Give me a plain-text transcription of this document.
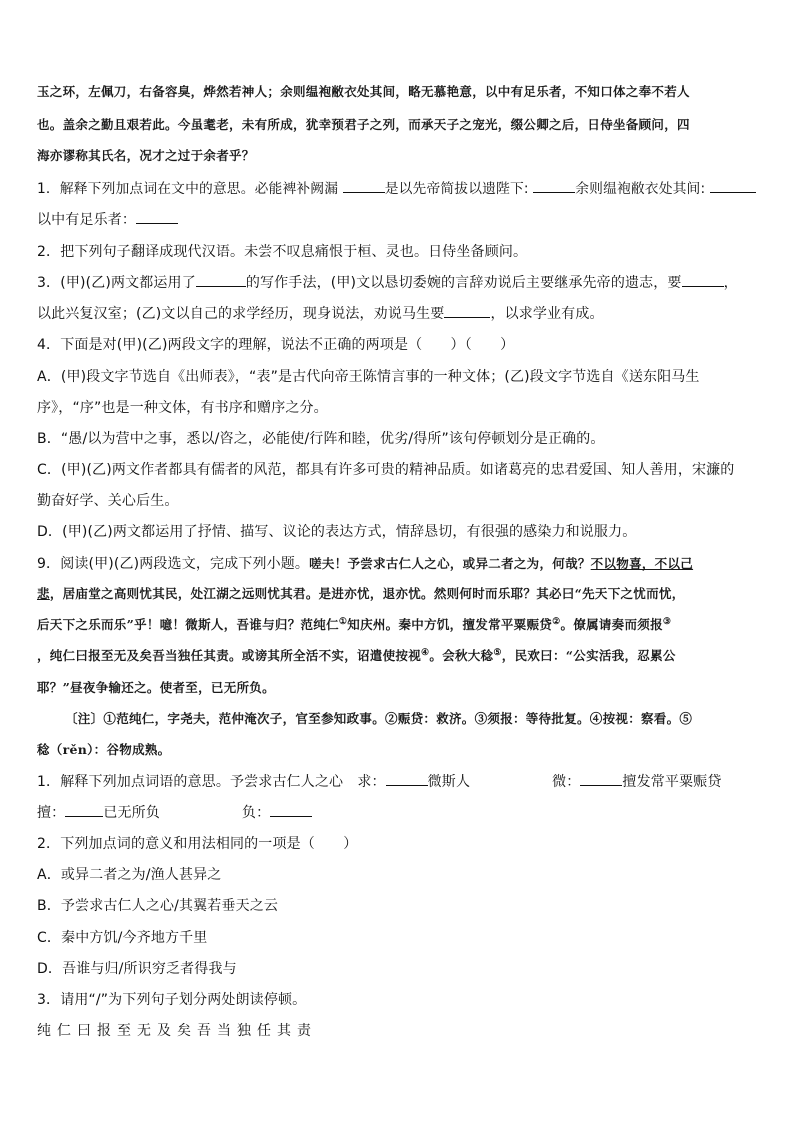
玉之环，左佩刀，右备容臭，烨然若神人；余则缊袍敝衣处其间，略无慕艳意，以中有足乐者，不知口体之奉不若人
也。盖余之勤且艰若此。今虽耄老，未有所成，犹幸预君子之列，而承天子之宠光，缀公卿之后，日侍坐备顾问，四
海亦谬称其氏名，况才之过于余者乎？
1．解释下列加点词在文中的意思。必能裨补阙漏	是以先帝简拔以遗陛下:	余则缊袍敝衣处其间:
以中有足乐者：
2．把下列句子翻译成现代汉语。未尝不叹息痛恨于桓、灵也。日侍坐备顾问。
3．(甲)(乙)两文都运用了	的写作手法，(甲)文以恳切委婉的言辞劝说后主要继承先帝的遗志，要	，
以此兴复汉室；(乙)文以自己的求学经历，现身说法，劝说马生要	，以求学业有成。
4．下面是对(甲)(乙)两段文字的理解，说法不正确的两项是（　　）（　　）
A．(甲)段文字节选自《出师表》，“表”是古代向帝王陈情言事的一种文体；(乙)段文字节选自《送东阳马生
序》，“序”也是一种文体，有书序和赠序之分。
B．“愚/以为营中之事，悉以/咨之，必能使/行阵和睦，优劣/得所”该句停顿划分是正确的。
C．(甲)(乙)两文作者都具有儒者的风范，都具有许多可贵的精神品质。如诸葛亮的忠君爱国、知人善用，宋濂的
勤奋好学、关心后生。
D．(甲)(乙)两文都运用了抒情、描写、议论的表达方式，情辞恳切，有很强的感染力和说服力。
9．阅读(甲)(乙)两段选文，完成下列小题。嗟夫！予尝求古仁人之心，或异二者之为，何哉？不以物喜，不以己
悲，居庙堂之高则忧其民，处江湖之远则忧其君。是进亦忧，退亦忧。然则何时而乐耶？其必曰“先天下之忧而忧，
后天下之乐而乐”乎！噫！微斯人，吾谁与归？范纯仁①知庆州。秦中方饥，擅发常平粟赈贷②。僚属请奏而须报③
，纯仁曰报至无及矣吾当独任其责。或谤其所全活不实，诏遣使按视④。会秋大稔⑤，民欢曰：“公实活我，忍累公
耶？”昼夜争输还之。使者至，已无所负。
〔注〕①范纯仁，字尧夫，范仲淹次子，官至参知政事。②赈贷：救济。③须报：等待批复。④按视：察看。⑤
稔（rěn）：谷物成熟。
1．解释下列加点词语的意思。予尝求古仁人之心　求：	微斯人	微：	擅发常平粟赈贷
擅：	已无所负	负：
2．下列加点词的意义和用法相同的一项是（　　）
A．或异二者之为/渔人甚异之
B．予尝求古仁人之心/其翼若垂天之云
C．秦中方饥/今齐地方千里
D．吾谁与归/所识穷乏者得我与
3．请用“/”为下列句子划分两处朗读停顿。
纯仁曰报至无及矣吾当独任其责
